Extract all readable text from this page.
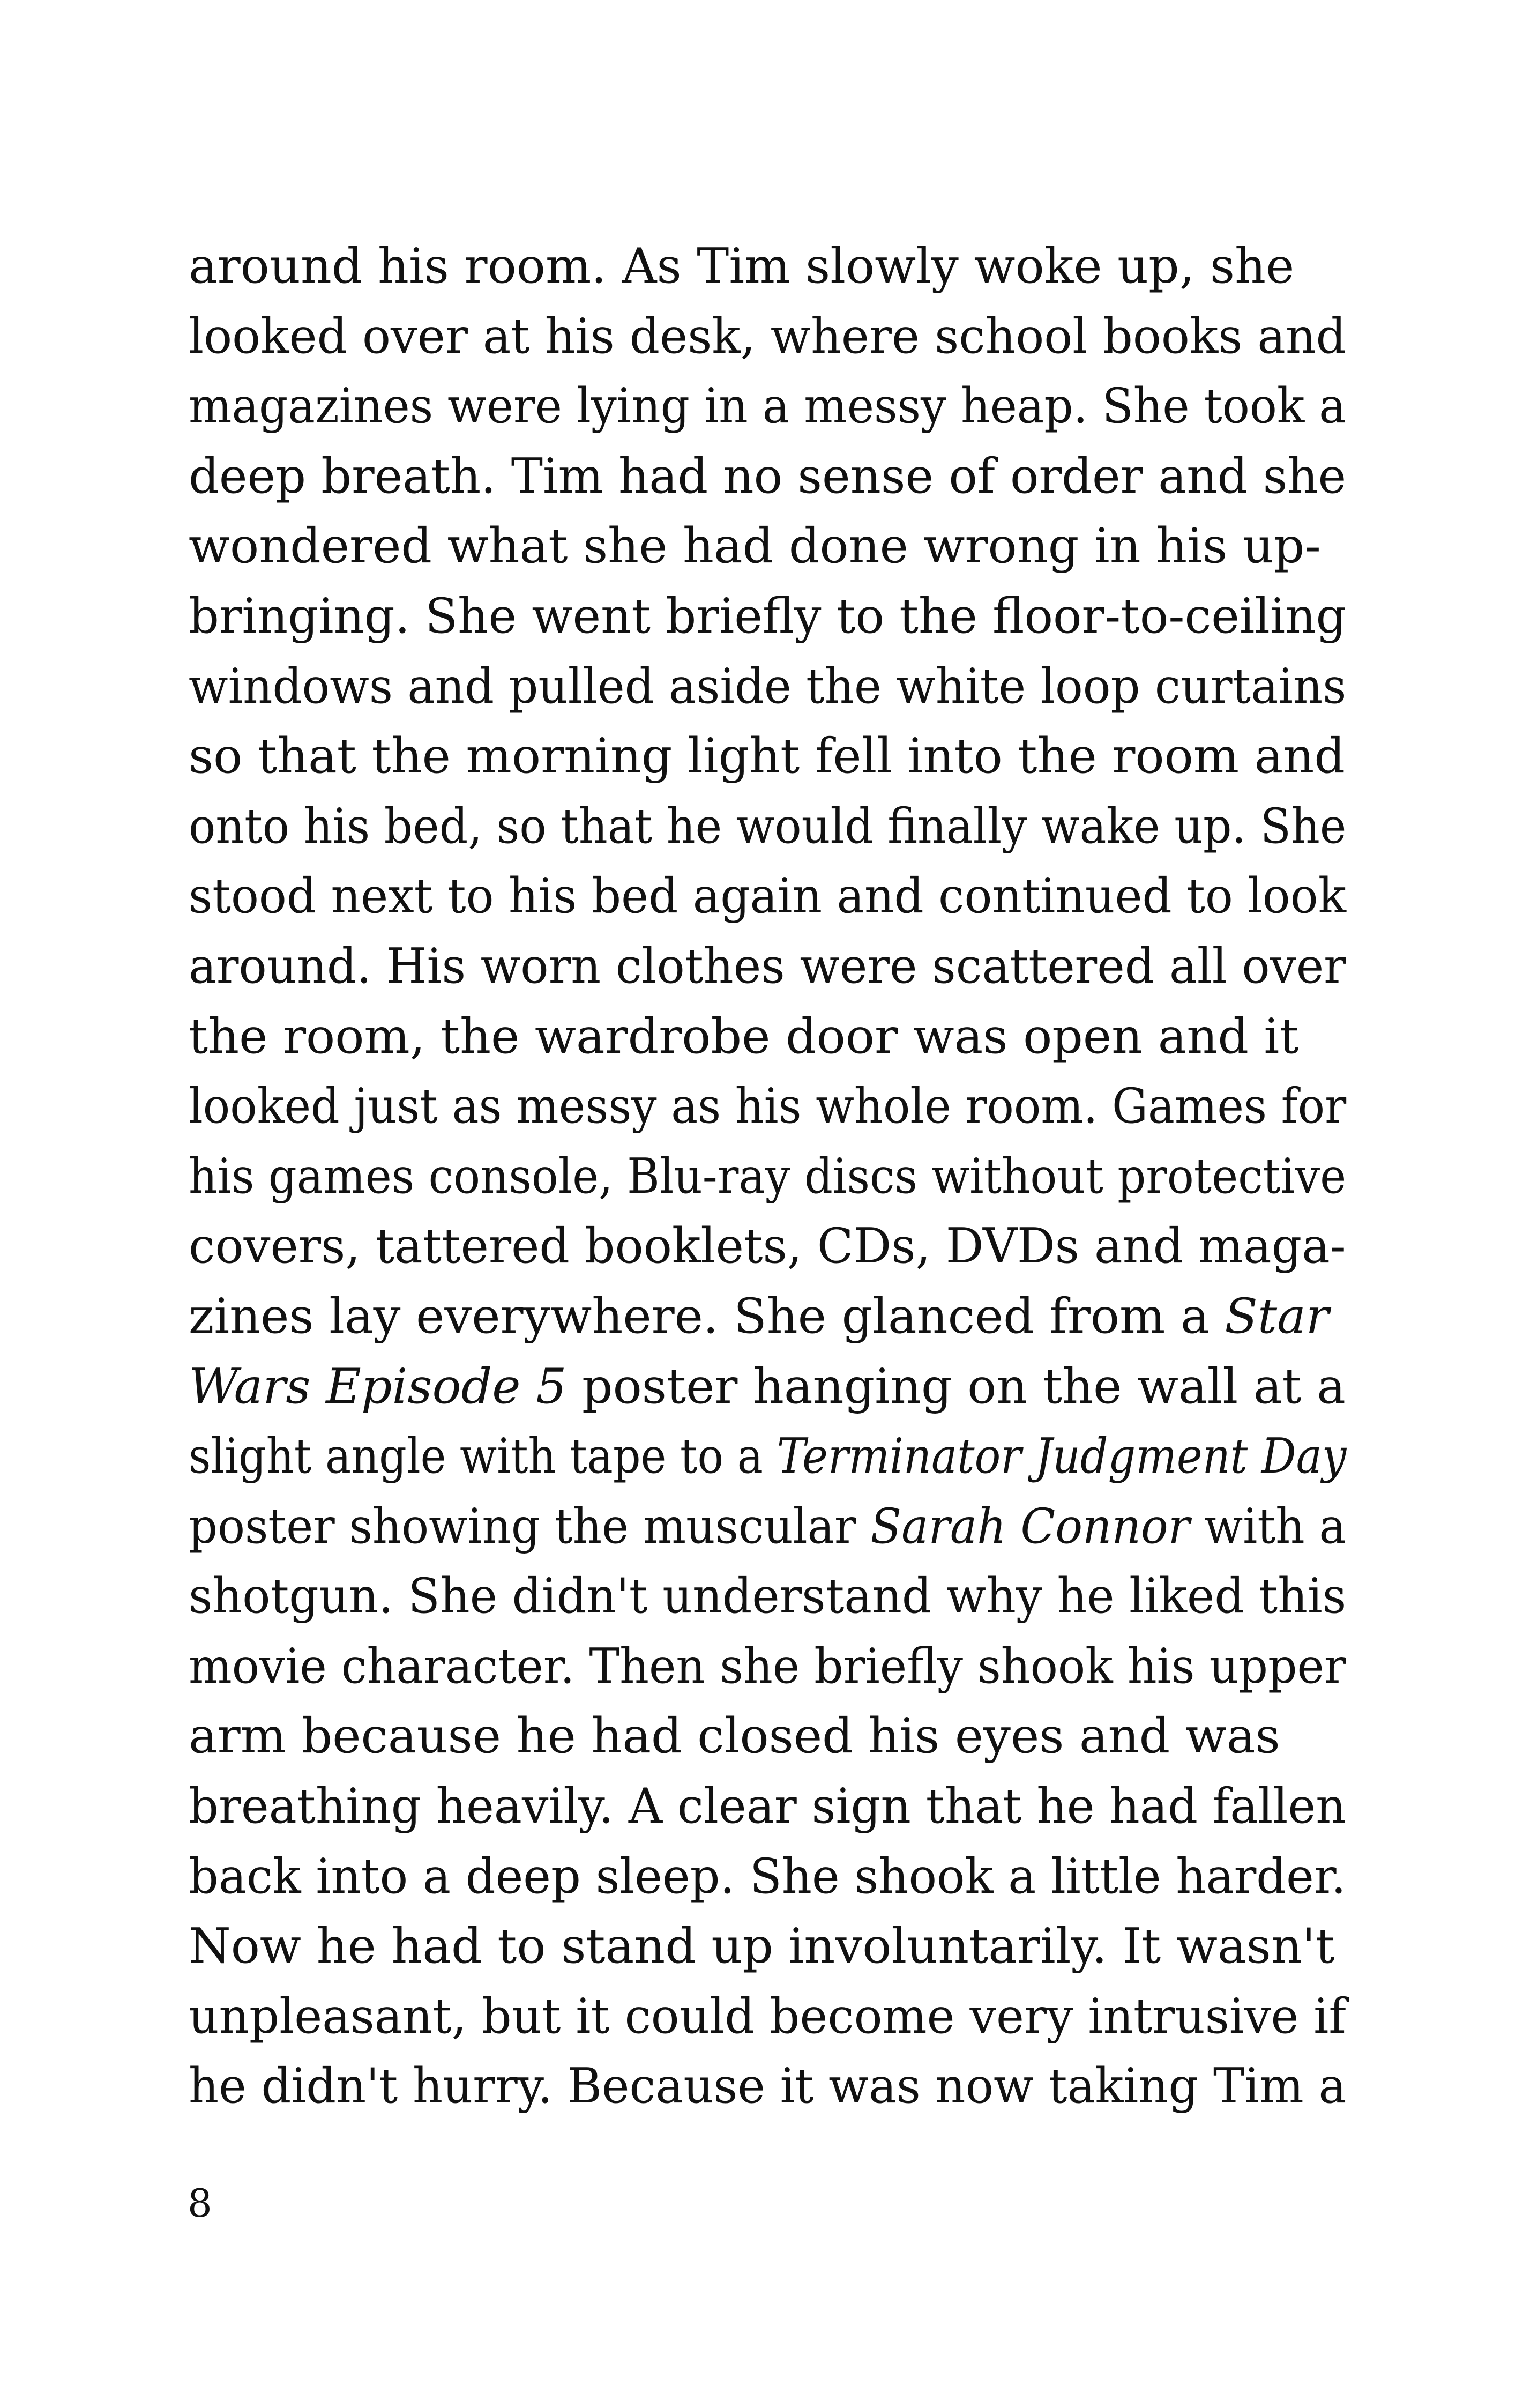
around his room. As Tim slowly woke up, she
looked over at his desk, where school books and
magazines were lying in a messy heap. She took a
deep breath. Tim had no sense of order and she
wondered what she had done wrong in his up-
bringing. She went briefly to the floor-to-ceiling
windows and pulled aside the white loop curtains
so that the morning light fell into the room and
onto his bed, so that he would finally wake up. She
stood next to his bed again and continued to look
around. His worn clothes were scattered all over
the room, the wardrobe door was open and it
looked just as messy as his whole room. Games for
his games console, Blu-ray discs without protective
covers, tattered booklets, CDs, DVDs and maga-
zines lay everywhere. She glanced from a Star
Wars Episode 5 poster hanging on the wall at a
slight angle with tape to a Terminator Judgment Day
poster showing the muscular Sarah Connor with a
shotgun. She didn't understand why he liked this
movie character. Then she briefly shook his upper
arm because he had closed his eyes and was
breathing heavily. A clear sign that he had fallen
back into a deep sleep. She shook a little harder.
Now he had to stand up involuntarily. It wasn't
unpleasant, but it could become very intrusive if
he didn't hurry. Because it was now taking Tim a
8
